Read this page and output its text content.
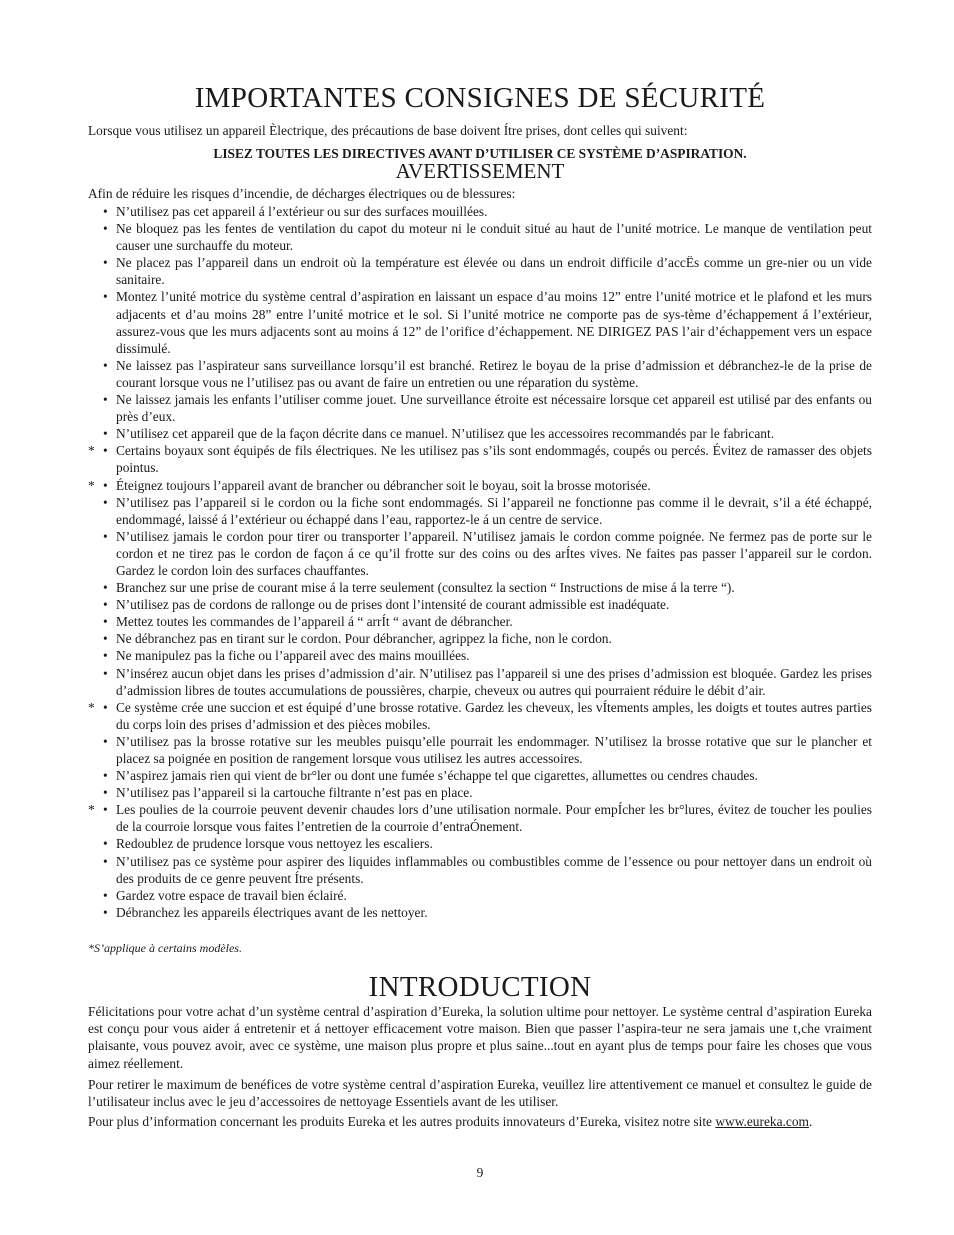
IMPORTANTES CONSIGNES DE SÉCURITÉ
Lorsque vous utilisez un appareil Èlectrique, des précautions de base doivent Ítre prises, dont celles qui suivent:
LISEZ TOUTES LES DIRECTIVES AVANT D’UTILISER CE SYSTÈME D’ASPIRATION.
AVERTISSEMENT
Afin de réduire les risques d’incendie, de décharges électriques ou de blessures:
• N’utilisez pas cet appareil á l’extérieur ou sur des surfaces mouillées.
• Ne bloquez pas les fentes de ventilation du capot du moteur ni le conduit situé au haut de l’unité motrice. Le manque de ventilation peut causer une surchauffe du moteur.
• Ne placez pas l’appareil dans un endroit où la température est élevée ou dans un endroit difficile d’accËs comme un gre-nier ou un vide sanitaire.
• Montez l’unité motrice du système central d’aspiration en laissant un espace d’au moins 12” entre l’unité motrice et le plafond et les murs adjacents et d’au moins 28” entre l’unité motrice et le sol. Si l’unité motrice ne comporte pas de sys-tème d’échappement á l’extérieur, assurez-vous que les murs adjacents sont au moins á 12” de l’orifice d’échappement. NE DIRIGEZ PAS l’air d’échappement vers un espace dissimulé.
• Ne laissez pas l’aspirateur sans surveillance lorsqu’il est branché. Retirez le boyau de la prise d’admission et débranchez-le de la prise de courant lorsque vous ne l’utilisez pas ou avant de faire un entretien ou une réparation du système.
• Ne laissez jamais les enfants l’utiliser comme jouet. Une surveillance étroite est nécessaire lorsque cet appareil est utilisé par des enfants ou près d’eux.
• N’utilisez cet appareil que de la façon décrite dans ce manuel. N’utilisez que les accessoires recommandés par le fabricant.
* • Certains boyaux sont équipés de fils électriques. Ne les utilisez pas s’ils sont endommagés, coupés ou percés. Évitez de ramasser des objets pointus.
* • Éteignez toujours l’appareil avant de brancher ou débrancher soit le boyau, soit la brosse motorisée.
• N’utilisez pas l’appareil si le cordon ou la fiche sont endommagés. Si l’appareil ne fonctionne pas comme il le devrait, s’il a été échappé, endommagé, laissé á l’extérieur ou échappé dans l’eau, rapportez-le á un centre de service.
• N’utilisez jamais le cordon pour tirer ou transporter l’appareil. N’utilisez jamais le cordon comme poignée. Ne fermez pas de porte sur le cordon et ne tirez pas le cordon de façon á ce qu’il frotte sur des coins ou des arÍtes vives. Ne faites pas passer l’appareil sur le cordon. Gardez le cordon loin des surfaces chauffantes.
• Branchez sur une prise de courant mise á la terre seulement (consultez la section “ Instructions de mise á la terre “).
• N’utilisez pas de cordons de rallonge ou de prises dont l’intensité de courant admissible est inadéquate.
• Mettez toutes les commandes de l’appareil á “ arrÍt “ avant de débrancher.
• Ne débranchez pas en tirant sur le cordon. Pour débrancher, agrippez la fiche, non le cordon.
• Ne manipulez pas la fiche ou l’appareil avec des mains mouillées.
• N’insérez aucun objet dans les prises d’admission d’air. N’utilisez pas l’appareil si une des prises d’admission est bloquée. Gardez les prises d’admission libres de toutes accumulations de poussières, charpie, cheveux ou autres qui pourraient réduire le débit d’air.
* • Ce système crée une succion et est équipé d’une brosse rotative. Gardez les cheveux, les vÍtements amples, les doigts et toutes autres parties du corps loin des prises d’admission et des pièces mobiles.
• N’utilisez pas la brosse rotative sur les meubles puisqu’elle pourrait les endommager. N’utilisez la brosse rotative que sur le plancher et placez sa poignée en position de rangement lorsque vous utilisez les autres accessoires.
• N’aspirez jamais rien qui vient de br°ler ou dont une fumée s’échappe tel que cigarettes, allumettes ou cendres chaudes.
• N’utilisez pas l’appareil si la cartouche filtrante n’est pas en place.
* • Les poulies de la courroie peuvent devenir chaudes lors d’une utilisation normale. Pour empÍcher les br°lures, évitez de toucher les poulies de la courroie lorsque vous faites l’entretien de la courroie d’entraÓnement.
• Redoublez de prudence lorsque vous nettoyez les escaliers.
• N’utilisez pas ce système pour aspirer des liquides inflammables ou combustibles comme de l’essence ou pour nettoyer dans un endroit où des produits de ce genre peuvent Ítre présents.
• Gardez votre espace de travail bien éclairé.
• Débranchez les appareils électriques avant de les nettoyer.
*S’applique à certains modèles.
INTRODUCTION

Félicitations pour votre achat d’un système central d’aspiration d’Eureka, la solution ultime pour nettoyer. Le système central d’aspiration Eureka est conçu pour vous aider á entretenir et á nettoyer efficacement votre maison. Bien que passer l’aspira-teur ne sera jamais une t‚che vraiment plaisante, vous pouvez avoir, avec ce système, une maison plus propre et plus saine...tout en ayant plus de temps pour faire les choses que vous aimez réellement.

Pour retirer le maximum de benéfices de votre système central d’aspiration Eureka, veuillez lire attentivement ce manuel et consultez le guide de l’utilisateur inclus avec le jeu d’accessoires de nettoyage Essentiels avant de les utiliser.

Pour plus d’information concernant les produits Eureka et les autres produits innovateurs d’Eureka, visitez notre site www.eureka.com.

9
